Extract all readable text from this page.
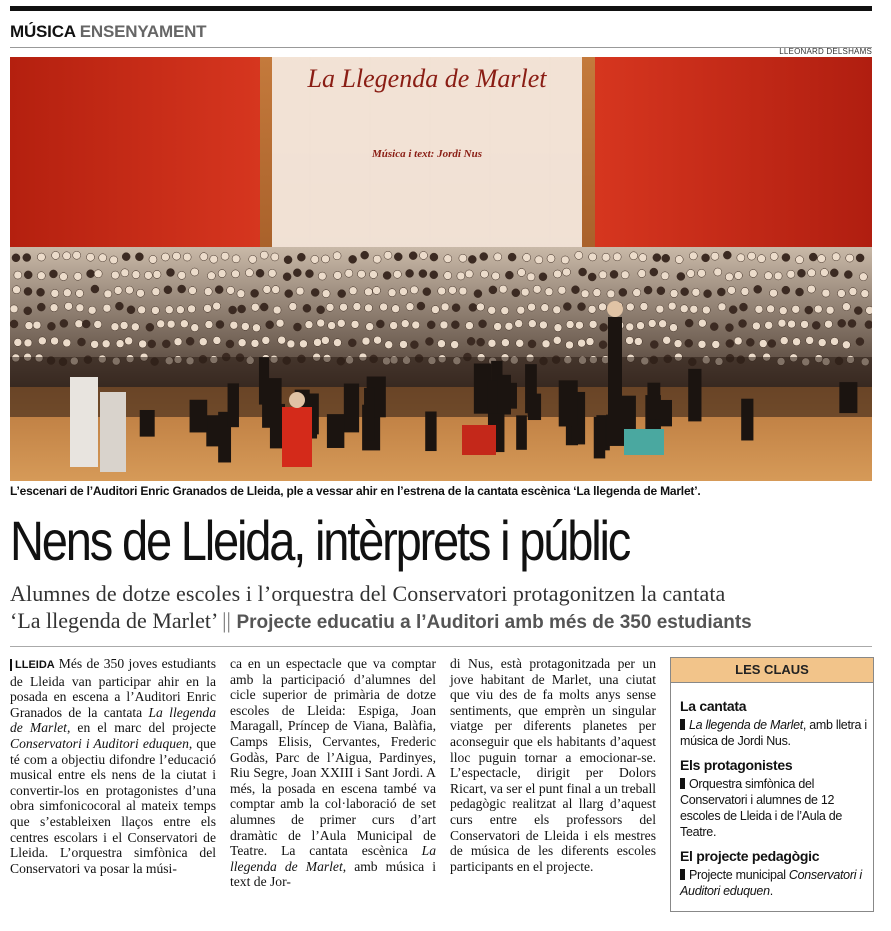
MÚSICA ENSENYAMENT
LLEONARD DELSHAMS
La Llegenda de Marlet
Música i text: Jordi Nus
L’escenari de l’Auditori Enric Granados de Lleida, ple a vessar ahir en l’estrena de la cantata escènica ‘La llegenda de Marlet’.
Nens de Lleida, intèrprets i públic
Alumnes de dotze escoles i l’orquestra del Conservatori protagonitzen la cantata
‘La llegenda de Marlet’ || Projecte educatiu a l’Auditori amb més de 350 estudiants

LLEIDA Més de 350 joves estudiants de Lleida van participar ahir en la posada en escena a l’Auditori Enric Granados de la cantata La llegenda de Marlet, en el marc del projecte Conservatori i Auditori eduquen, que té com a objectiu difondre l’educació musical entre els nens de la ciutat i convertir-los en protagonistes d’una obra simfonicocoral al mateix temps que s’estableixen llaços entre els centres escolars i el Conservatori de Lleida. L’orquestra simfònica del Conservatori va posar la músi-

ca en un espectacle que va comptar amb la participació d’alumnes del cicle superior de primària de dotze escoles de Lleida: Espiga, Joan Maragall, Príncep de Viana, Balàfia, Camps Elisis, Cervantes, Frederic Godàs, Parc de l’Aigua, Pardinyes, Riu Segre, Joan XXIII i Sant Jordi. A més, la posada en escena també va comptar amb la col·laboració de set alumnes de primer curs d’art dramàtic de l’Aula Municipal de Teatre. La cantata escènica La llegenda de Marlet, amb música i text de Jor-

di Nus, està protagonitzada per un jove habitant de Marlet, una ciutat que viu des de fa molts anys sense sentiments, que emprèn un singular viatge per diferents planetes per aconseguir que els habitants d’aquest lloc puguin tornar a emocionar-se. L’espectacle, dirigit per Dolors Ricart, va ser el punt final a un treball pedagògic realitzat al llarg d’aquest curs entre els professors del Conservatori de Lleida i els mestres de música de les diferents escoles participants en el projecte.

LES CLAUS
La cantata

La llegenda de Marlet, amb lletra i música de Jordi Nus.

Els protagonistes

Orquestra simfònica del Conservatori i alumnes de 12 escoles de Lleida i de l’Aula de Teatre.

El projecte pedagògic

Projecte municipal Conservatori i Auditori eduquen.
